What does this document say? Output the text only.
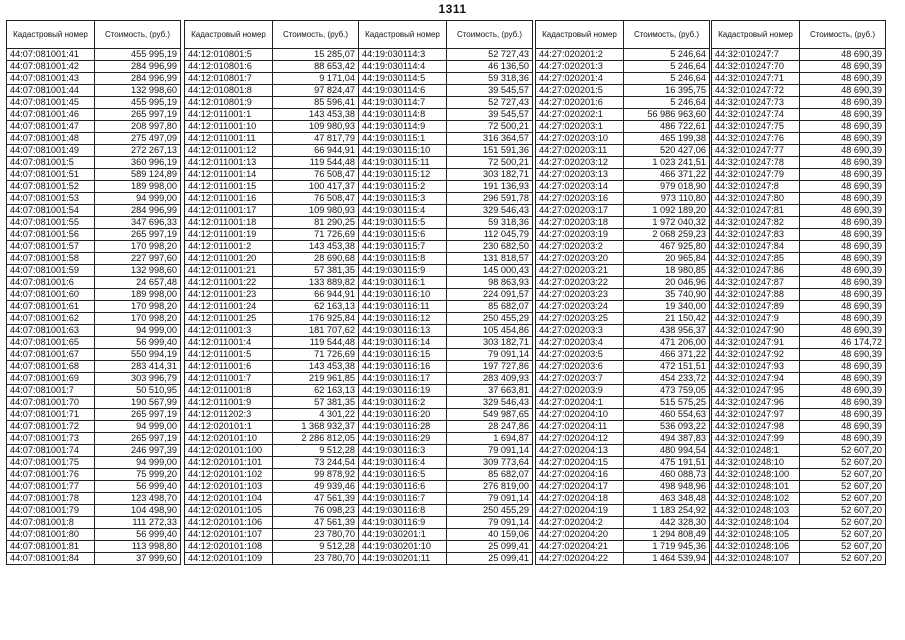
1311
Кадастровый номер	Стоимость, (руб.)
44:07:081001:41	455 995,19
44:07:081001:42	284 996,99
44:07:081001:43	284 996,99
44:07:081001:44	132 998,60
44:07:081001:45	455 995,19
44:07:081001:46	265 997,19
44:07:081001:47	208 997,80
44:07:081001:48	275 497,09
44:07:081001:49	272 267,13
44:07:081001:5	360 996,19
44:07:081001:51	589 124,89
44:07:081001:52	189 998,00
44:07:081001:53	94 999,00
44:07:081001:54	284 996,99
44:07:081001:55	347 696,33
44:07:081001:56	265 997,19
44:07:081001:57	170 998,20
44:07:081001:58	227 997,60
44:07:081001:59	132 998,60
44:07:081001:6	24 657,48
44:07:081001:60	189 998,00
44:07:081001:61	170 998,20
44:07:081001:62	170 998,20
44:07:081001:63	94 999,00
44:07:081001:65	56 999,40
44:07:081001:67	550 994,19
44:07:081001:68	283 414,31
44:07:081001:69	303 996,79
44:07:081001:7	50 510,95
44:07:081001:70	190 567,99
44:07:081001:71	265 997,19
44:07:081001:72	94 999,00
44:07:081001:73	265 997,19
44:07:081001:74	246 997,39
44:07:081001:75	94 999,00
44:07:081001:76	75 999,20
44:07:081001:77	56 999,40
44:07:081001:78	123 498,70
44:07:081001:79	104 498,90
44:07:081001:8	111 272,33
44:07:081001:80	56 999,40
44:07:081001:81	113 998,80
44:07:081001:84	37 999,60
Кадастровый номер	Стоимость, (руб.)
44:12:010801:5	15 285,07
44:12:010801:6	88 653,42
44:12:010801:7	9 171,04
44:12:010801:8	97 824,47
44:12:010801:9	85 596,41
44:12:011001:1	143 453,38
44:12:011001:10	109 980,93
44:12:011001:11	47 817,79
44:12:011001:12	66 944,91
44:12:011001:13	119 544,48
44:12:011001:14	76 508,47
44:12:011001:15	100 417,37
44:12:011001:16	76 508,47
44:12:011001:17	109 980,93
44:12:011001:18	81 290,25
44:12:011001:19	71 726,69
44:12:011001:2	143 453,38
44:12:011001:20	28 690,68
44:12:011001:21	57 381,35
44:12:011001:22	133 889,82
44:12:011001:23	66 944,91
44:12:011001:24	62 163,13
44:12:011001:25	176 925,84
44:12:011001:3	181 707,62
44:12:011001:4	119 544,48
44:12:011001:5	71 726,69
44:12:011001:6	143 453,38
44:12:011001:7	219 961,85
44:12:011001:8	62 163,13
44:12:011001:9	57 381,35
44:12:011202:3	4 301,22
44:12:020101:1	1 368 932,37
44:12:020101:10	2 286 812,05
44:12:020101:100	9 512,28
44:12:020101:101	73 244,54
44:12:020101:102	99 878,92
44:12:020101:103	49 939,46
44:12:020101:104	47 561,39
44:12:020101:105	76 098,23
44:12:020101:106	47 561,39
44:12:020101:107	23 780,70
44:12:020101:108	9 512,28
44:12:020101:109	23 780,70
Кадастровый номер	Стоимость, (руб.)
44:19:030114:3	52 727,43
44:19:030114:4	46 136,50
44:19:030114:5	59 318,36
44:19:030114:6	39 545,57
44:19:030114:7	52 727,43
44:19:030114:8	39 545,57
44:19:030114:9	72 500,21
44:19:030115:1	316 364,57
44:19:030115:10	151 591,36
44:19:030115:11	72 500,21
44:19:030115:12	303 182,71
44:19:030115:2	191 136,93
44:19:030115:3	296 591,78
44:19:030115:4	329 546,43
44:19:030115:5	59 318,36
44:19:030115:6	112 045,79
44:19:030115:7	230 682,50
44:19:030115:8	131 818,57
44:19:030115:9	145 000,43
44:19:030116:1	98 863,93
44:19:030116:10	224 091,57
44:19:030116:11	85 682,07
44:19:030116:12	250 455,29
44:19:030116:13	105 454,86
44:19:030116:14	303 182,71
44:19:030116:15	79 091,14
44:19:030116:16	197 727,86
44:19:030116:17	283 409,93
44:19:030116:19	37 663,81
44:19:030116:2	329 546,43
44:19:030116:20	549 987,65
44:19:030116:28	28 247,86
44:19:030116:29	1 694,87
44:19:030116:3	79 091,14
44:19:030116:4	309 773,64
44:19:030116:5	85 682,07
44:19:030116:6	276 819,00
44:19:030116:7	79 091,14
44:19:030116:8	250 455,29
44:19:030116:9	79 091,14
44:19:030201:1	40 159,06
44:19:030201:10	25 099,41
44:19:030201:11	25 099,41
Кадастровый номер	Стоимость, (руб.)
44:27:020201:2	5 246,64
44:27:020201:3	5 246,64
44:27:020201:4	5 246,64
44:27:020201:5	16 395,75
44:27:020201:6	5 246,64
44:27:020202:1	56 986 963,60
44:27:020203:1	486 722,61
44:27:020203:10	465 199,38
44:27:020203:11	520 427,06
44:27:020203:12	1 023 241,51
44:27:020203:13	466 371,22
44:27:020203:14	979 018,90
44:27:020203:16	973 110,80
44:27:020203:17	1 092 189,20
44:27:020203:18	1 972 040,32
44:27:020203:19	2 068 259,23
44:27:020203:2	467 925,80
44:27:020203:20	20 965,84
44:27:020203:21	18 980,85
44:27:020203:22	20 046,96
44:27:020203:23	35 740,90
44:27:020203:24	19 340,00
44:27:020203:25	21 150,42
44:27:020203:3	438 956,37
44:27:020203:4	471 206,00
44:27:020203:5	466 371,22
44:27:020203:6	472 151,51
44:27:020203:7	454 233,72
44:27:020203:9	473 759,05
44:27:020204:1	515 575,25
44:27:020204:10	460 554,63
44:27:020204:11	536 093,22
44:27:020204:12	494 387,83
44:27:020204:13	480 994,54
44:27:020204:15	475 191,51
44:27:020204:16	460 088,73
44:27:020204:17	498 948,96
44:27:020204:18	463 348,48
44:27:020204:19	1 183 254,92
44:27:020204:2	442 328,30
44:27:020204:20	1 294 808,49
44:27:020204:21	1 719 945,36
44:27:020204:22	1 464 539,94
Кадастровый номер	Стоимость, (руб.)
44:32:010247:7	48 690,39
44:32:010247:70	48 690,39
44:32:010247:71	48 690,39
44:32:010247:72	48 690,39
44:32:010247:73	48 690,39
44:32:010247:74	48 690,39
44:32:010247:75	48 690,39
44:32:010247:76	48 690,39
44:32:010247:77	48 690,39
44:32:010247:78	48 690,39
44:32:010247:79	48 690,39
44:32:010247:8	48 690,39
44:32:010247:80	48 690,39
44:32:010247:81	48 690,39
44:32:010247:82	48 690,39
44:32:010247:83	48 690,39
44:32:010247:84	48 690,39
44:32:010247:85	48 690,39
44:32:010247:86	48 690,39
44:32:010247:87	48 690,39
44:32:010247:88	48 690,39
44:32:010247:89	48 690,39
44:32:010247:9	48 690,39
44:32:010247:90	48 690,39
44:32:010247:91	46 174,72
44:32:010247:92	48 690,39
44:32:010247:93	48 690,39
44:32:010247:94	48 690,39
44:32:010247:95	48 690,39
44:32:010247:96	48 690,39
44:32:010247:97	48 690,39
44:32:010247:98	48 690,39
44:32:010247:99	48 690,39
44:32:010248:1	52 607,20
44:32:010248:10	52 607,20
44:32:010248:100	52 607,20
44:32:010248:101	52 607,20
44:32:010248:102	52 607,20
44:32:010248:103	52 607,20
44:32:010248:104	52 607,20
44:32:010248:105	52 607,20
44:32:010248:106	52 607,20
44:32:010248:107	52 607,20
